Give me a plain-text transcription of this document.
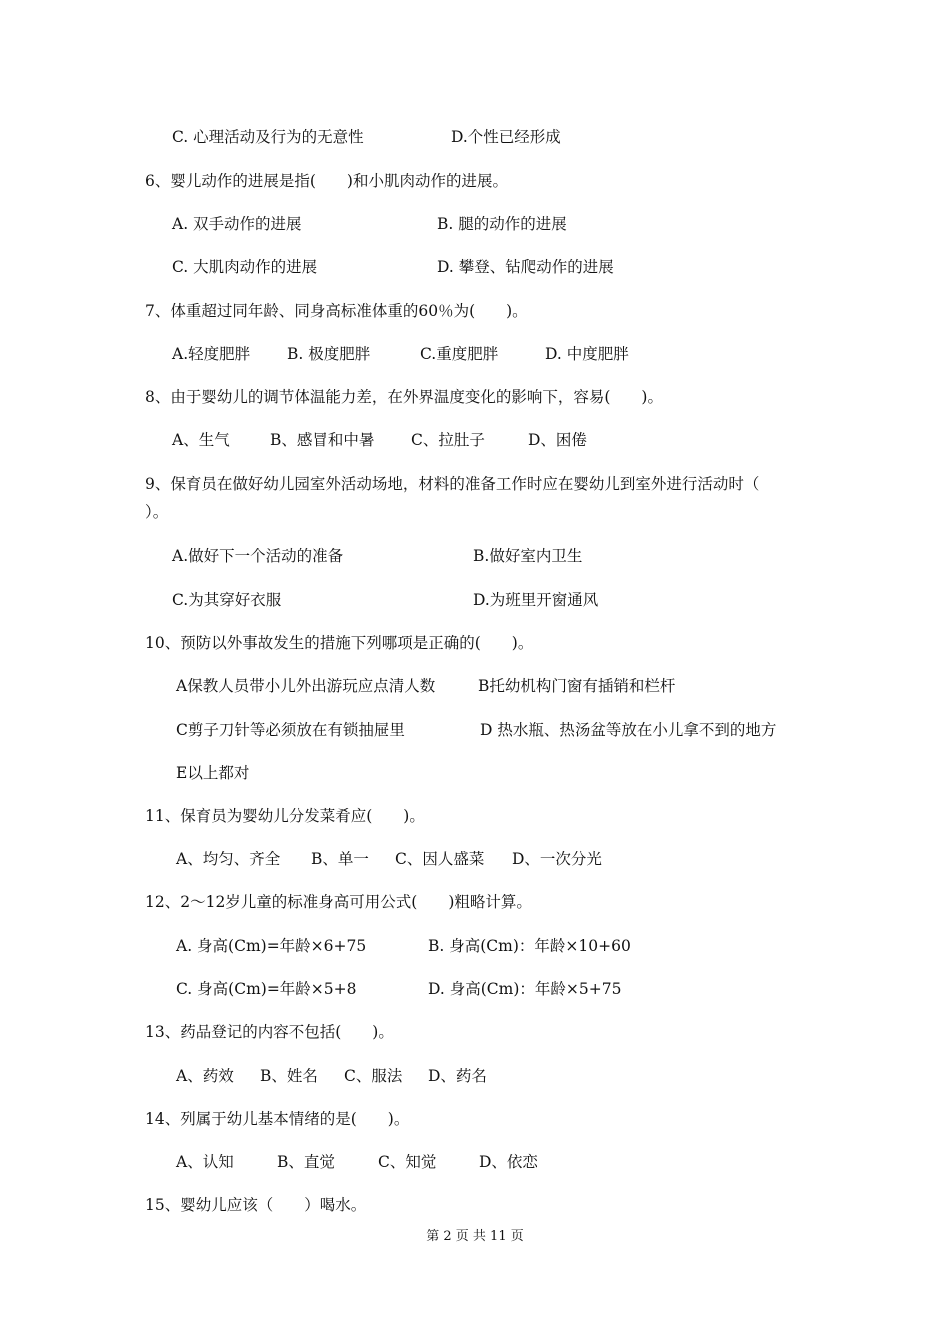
C. 心理活动及行为的无意性	D.个性已经形成
6、婴儿动作的进展是指(　　)和小肌肉动作的进展。
A. 双手动作的进展	B. 腿的动作的进展
C. 大肌肉动作的进展	D. 攀登、钻爬动作的进展
7、体重超过同年龄、同身高标准体重的60％为(　　)。
A.轻度肥胖 B. 极度肥胖	C.重度肥胖	D. 中度肥胖
8、由于婴幼儿的调节体温能力差，在外界温度变化的影响下，容易(　　)。
A、生气	B、感冒和中暑 C、拉肚子	D、困倦
9、保育员在做好幼儿园室外活动场地，材料的准备工作时应在婴幼儿到室外进行活动时（
）。
A.做好下一个活动的准备	B.做好室内卫生
C.为其穿好衣服	D.为班里开窗通风
10、预防以外事故发生的措施下列哪项是正确的(　　)。
A保教人员带小儿外出游玩应点清人数	B托幼机构门窗有插销和栏杆
C剪子刀针等必须放在有锁抽屉里	D 热水瓶、热汤盆等放在小儿拿不到的地方
E以上都对
11、保育员为婴幼儿分发菜肴应(　　)。
A、均匀、齐全 B、单一 C、因人盛菜 D、一次分光
12、2～12岁儿童的标准身高可用公式(　　)粗略计算。
A. 身高(Cm)=年龄×6+75	B. 身高(Cm)：年龄×10+60
C. 身高(Cm)=年龄×5+8	D. 身高(Cm)：年龄×5+75
13、药品登记的内容不包括(　　)。
A、药效 B、姓名 C、服法 D、药名
14、列属于幼儿基本情绪的是(　　)。
A、认知	B、直觉	C、知觉	D、依恋
15、婴幼儿应该（　　）喝水。
第 2 页 共 11 页
